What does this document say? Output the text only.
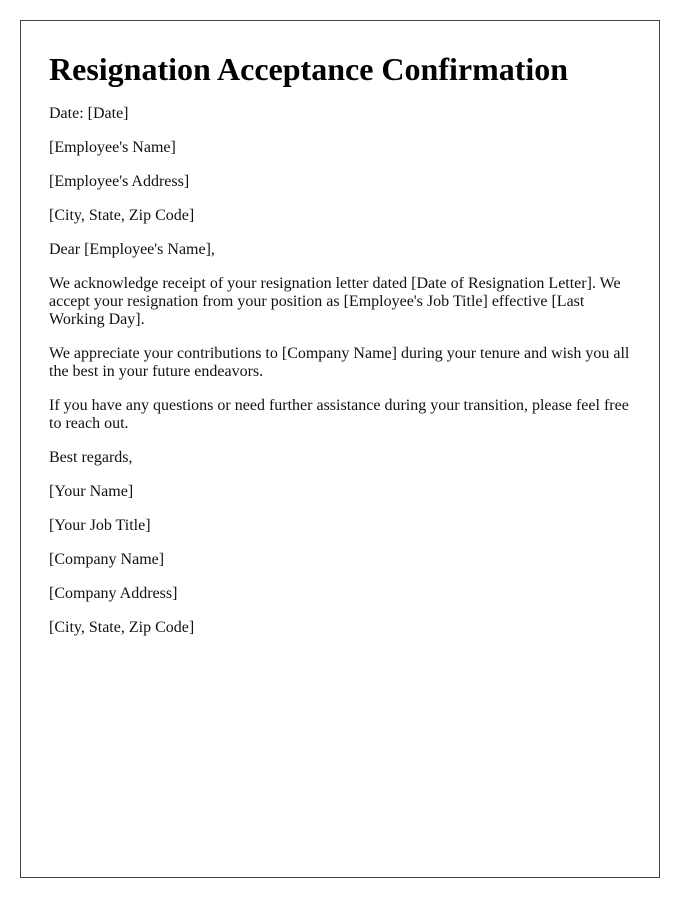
Resignation Acceptance Confirmation

Date: [Date]

[Employee's Name]

[Employee's Address]

[City, State, Zip Code]

Dear [Employee's Name],

We acknowledge receipt of your resignation letter dated [Date of Resignation Letter]. We accept your resignation from your position as [Employee's Job Title] effective [Last Working Day].

We appreciate your contributions to [Company Name] during your tenure and wish you all the best in your future endeavors.

If you have any questions or need further assistance during your transition, please feel free to reach out.

Best regards,

[Your Name]

[Your Job Title]

[Company Name]

[Company Address]

[City, State, Zip Code]
